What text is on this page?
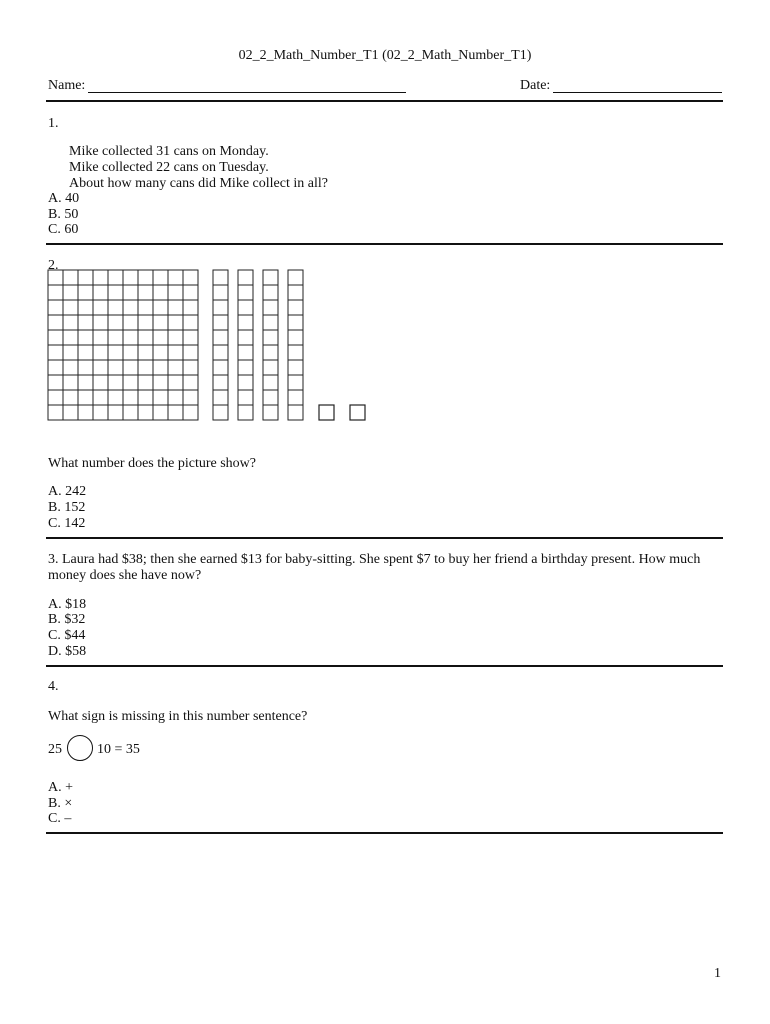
02_2_Math_Number_T1 (02_2_Math_Number_T1)
Name:	Date:
1.
Mike collected 31 cans on Monday.
Mike collected 22 cans on Tuesday.
About how many cans did Mike collect in all?
A. 40
B. 50
C. 60
2.
What number does the picture show?
A. 242
B. 152
C. 142
3. Laura had $38; then she earned $13 for baby-sitting. She spent $7 to buy her friend a birthday present. How much
money does she have now?
A. $18
B. $32
C. $44
D. $58
4.
What sign is missing in this number sentence?
25	10 = 35
A. +
B. ×
C. –
1
